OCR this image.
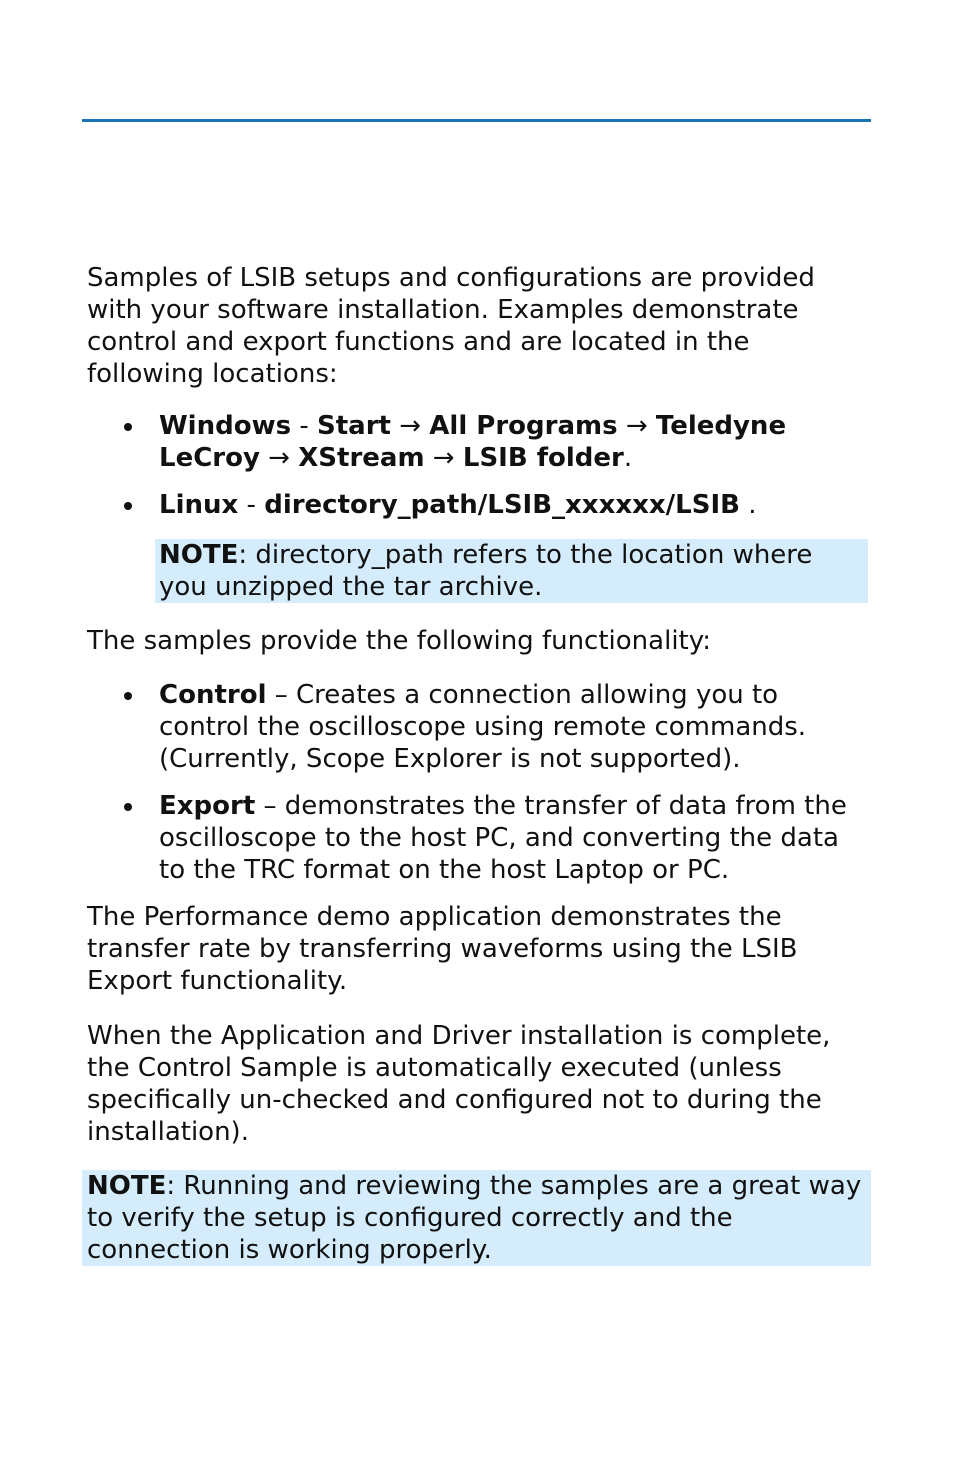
Samples of LSIB setups and configurations are provided with your software installation. Examples demonstrate control and export functions and are located in the following locations:

Windows - Start → All Programs → Teledyne LeCroy → XStream → LSIB folder.
Linux - directory_path/LSIB_xxxxxx/LSIB .
NOTE: directory_path refers to the location where you unzipped the tar archive.

The samples provide the following functionality:

Control – Creates a connection allowing you to control the oscilloscope using remote commands. (Currently, Scope Explorer is not supported).
Export – demonstrates the transfer of data from the oscilloscope to the host PC, and converting the data to the TRC format on the host Laptop or PC.

The Performance demo application demonstrates the transfer rate by transferring waveforms using the LSIB Export functionality.

When the Application and Driver installation is complete, the Control Sample is automatically executed (unless specifically un-checked and configured not to during the installation).

NOTE: Running and reviewing the samples are a great way to verify the setup is configured correctly and the connection is working properly.
